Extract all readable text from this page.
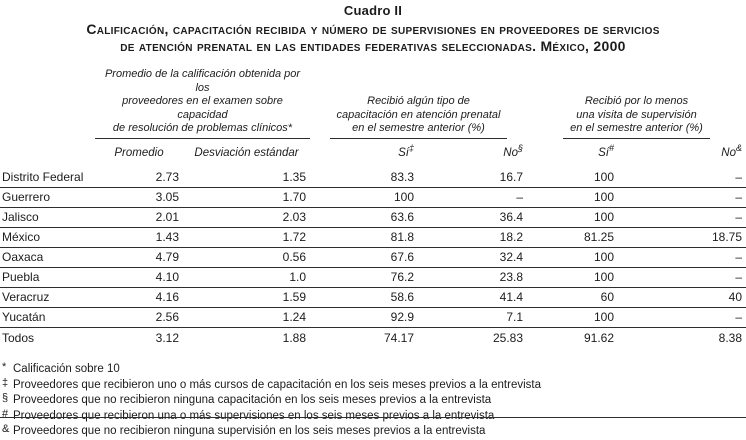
Cuadro II
Calificación, capacitación recibida y número de supervisiones en proveedores de servicios
de atención prenatal en las entidades federativas seleccionadas. México, 2000
	Promedio de la calificación obtenida por los
proveedores en el examen sobre capacidad
de resolución de problemas clínicos*		Recibió algún tipo de
capacitación en atención prenatal
en el semestre anterior (%)		Recibió por lo menos
una visita de supervisión
en el semestre anterior (%)	
	Promedio	Desviación estándar	Sí‡	No§	Sí#	No&
Distrito Federal	2.73	1.35	83.3	16.7	100	–
Guerrero	3.05	1.70	100	–	100	–
Jalisco	2.01	2.03	63.6	36.4	100	–
México	1.43	1.72	81.8	18.2	81.25	18.75
Oaxaca	4.79	0.56	67.6	32.4	100	–
Puebla	4.10	1.0	76.2	23.8	100	–
Veracruz	4.16	1.59	58.6	41.4	60	40
Yucatán	2.56	1.24	92.9	7.1	100	–
Todos	3.12	1.88	74.17	25.83	91.62	8.38
* Calificación sobre 10
‡ Proveedores que recibieron uno o más cursos de capacitación en los seis meses previos a la entrevista
§ Proveedores que no recibieron ninguna capacitación en los seis meses previos a la entrevista
# Proveedores que recibieron una o más supervisiones en los seis meses previos a la entrevista
& Proveedores que no recibieron ninguna supervisión en los seis meses previos a la entrevista
